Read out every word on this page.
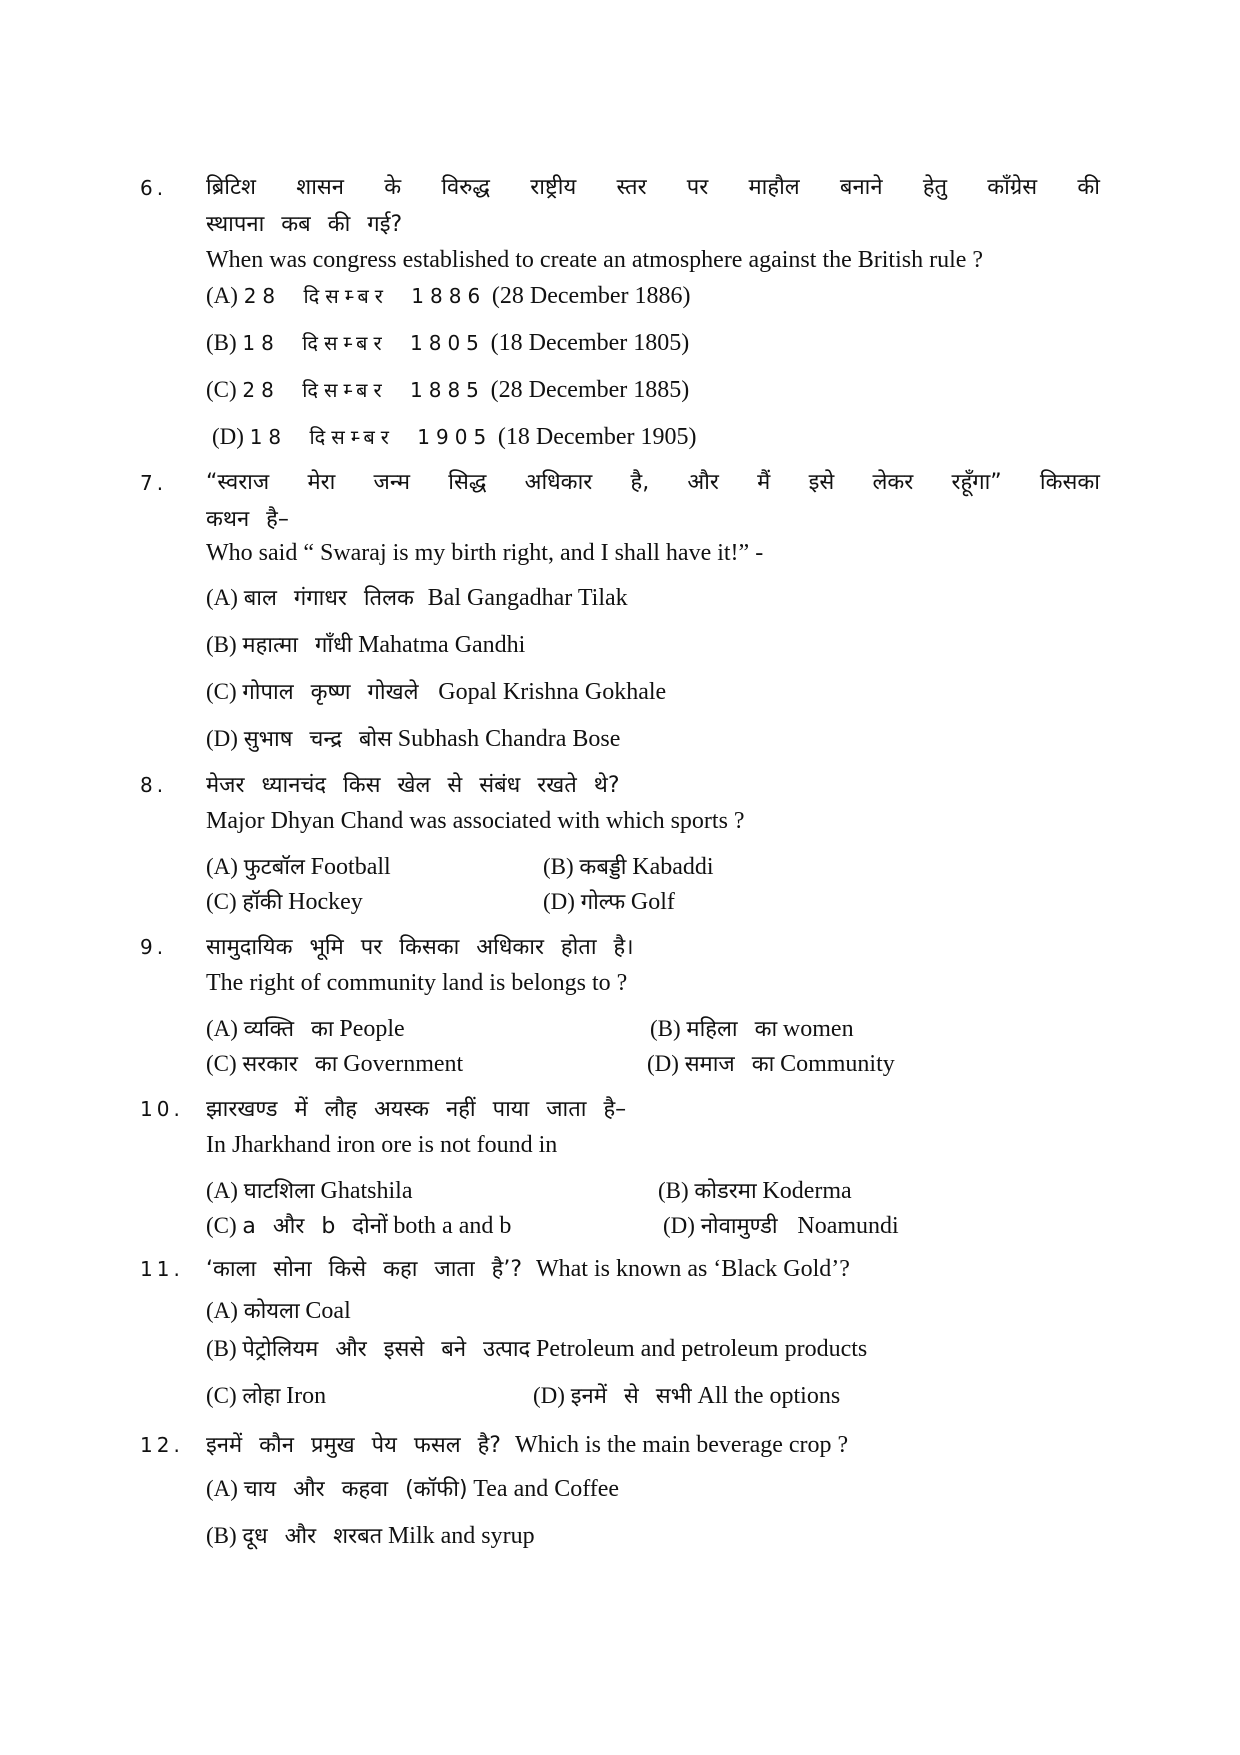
6. ब्रिटिश शासन के विरुद्ध राष्ट्रीय स्तर पर माहौल बनाने हेतु काँग्रेस की
स्थापना कब की गई?
When was congress established to create an atmosphere against the British rule ?
(A) 28 दिसम्बर 1886 (28 December 1886)
(B) 18 दिसम्बर 1805 (18 December 1805)
(C) 28 दिसम्बर 1885 (28 December 1885)
(D) 18 दिसम्बर 1905 (18 December 1905)
7. “स्वराज मेरा जन्म सिद्ध अधिकार है, और मैं इसे लेकर रहूँगा” किसका
कथन है–
Who said “ Swaraj is my birth right, and I shall have it!” -
(A) बाल गंगाधर तिलक Bal Gangadhar Tilak
(B) महात्मा गाँधी Mahatma Gandhi
(C) गोपाल कृष्ण गोखले Gopal Krishna Gokhale
(D) सुभाष चन्द्र बोस Subhash Chandra Bose
8. मेजर ध्यानचंद किस खेल से संबंध रखते थे?
Major Dhyan Chand was associated with which sports ?
(A) फुटबॉल Football	(B) कबड्डी Kabaddi
(C) हॉकी Hockey	(D) गोल्फ Golf
9. सामुदायिक भूमि पर किसका अधिकार होता है।
The right of community land is belongs to ?
(A) व्यक्ति का People	(B) महिला का women
(C) सरकार का Government	(D) समाज का Community
10. झारखण्ड में लौह अयस्क नहीं पाया जाता है–
In Jharkhand iron ore is not found in
(A) घाटशिला Ghatshila	(B) कोडरमा Koderma
(C) a और b दोनों both a and b	(D) नोवामुण्डी Noamundi
11. ‘काला सोना किसे कहा जाता है’? What is known as ‘Black Gold’?
(A) कोयला Coal
(B) पेट्रोलियम और इससे बने उत्पाद Petroleum and petroleum products
(C) लोहा Iron	(D) इनमें से सभी All the options
12. इनमें कौन प्रमुख पेय फसल है? Which is the main beverage crop ?
(A) चाय और कहवा (कॉफी) Tea and Coffee
(B) दूध और शरबत Milk and syrup
